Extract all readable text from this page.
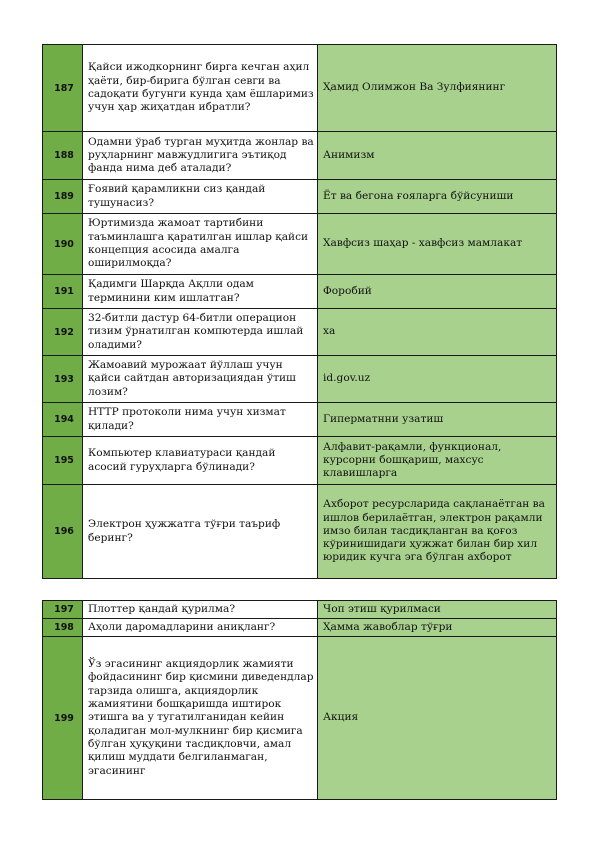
187	Қайси ижодкорнинг бирга кечган аҳил ҳаёти, бир-бирига бўлган севги ва садоқати бугунги кунда ҳам ёшларимиз учун ҳар жиҳатдан ибратли?	Ҳамид Олимжон Ва Зулфиянинг
188	Одамни ўраб турган муҳитда жонлар ва руҳларнинг мавжудлигига эътиқод фанда нима деб аталади?	Анимизм
189	Ғоявий қарамликни сиз қандай тушунасиз?	Ёт ва бегона ғояларга бўйсуниши
190	Юртимизда жамоат тартибини таъминлашга қаратилган ишлар қайси концепция асосида амалга оширилмоқда?	Хавфсиз шаҳар - хавфсиз мамлакат
191	Қадимги Шарқда Ақлли одам терминини ким ишлатган?	Форобий
192	32-битли дастур 64-битли операцион тизим ўрнатилган компютерда ишлай оладими?	ха
193	Жамоавий мурожаат йўллаш учун қайси сайтдан авторизациядан ўтиш лозим?	id.gov.uz
194	HTTP протоколи нима учун хизмат қилади?	Гиперматнни узатиш
195	Компьютер клавиатураси қандай асосий гуруҳларга бўлинади?	Алфавит-рақамли, функционал, курсорни бошқариш, махсус клавишларга
196	Электрон ҳужжатга тўғри таъриф беринг?	Ахборот ресурсларида сақланаётган ва ишлов берилаётган, электрон рақамли имзо билан тасдиқланган ва қоғоз кўринишидаги ҳужжат билан бир хил юридик кучга эга бўлган ахборот
197	Плоттер қандай қурилма?	Чоп этиш қурилмаси
198	Аҳоли даромадларини аниқланг?	Ҳамма жавоблар тўғри
199	Ўз эгасининг акциядорлик жамияти фойдасининг бир қисмини диведендлар тарзида олишга, акциядорлик жамиятини бошқаришда иштирок этишга ва у тугатилганидан кейин қоладиган мол-мулкнинг бир қисмига бўлган ҳуқуқини тасдиқловчи, амал қилиш муддати белгиланмаган, эгасининг	Акция
